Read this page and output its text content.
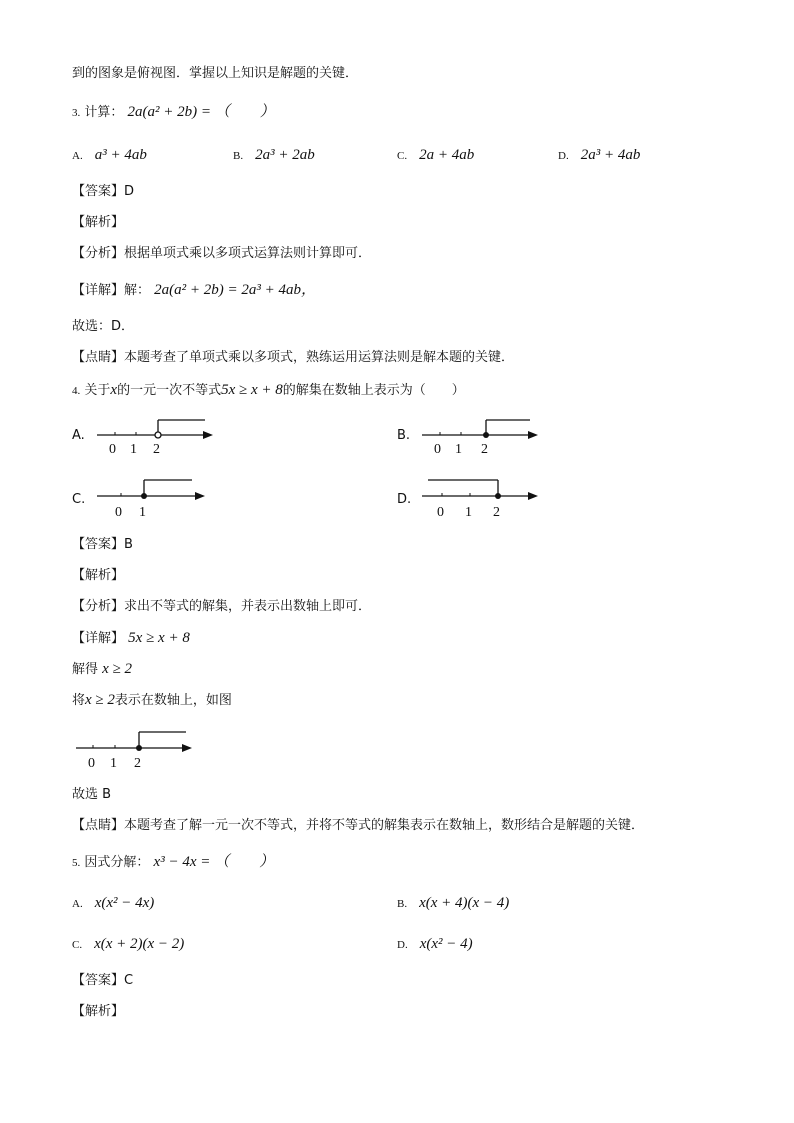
到的图象是俯视图．掌握以上知识是解题的关键．
3. 计算： 2a(a² + 2b) = （　　）
A. a³ + 4ab	B. 2a³ + 2ab	C. 2a + 4ab	D. 2a³ + 4ab
【答案】D
【解析】
【分析】根据单项式乘以多项式运算法则计算即可．
【详解】解： 2a(a² + 2b) = 2a³ + 4ab，
故选：D．
【点睛】本题考查了单项式乘以多项式，熟练运用运算法则是解本题的关键．
4. 关于x的一元一次不等式5x ≥ x + 8的解集在数轴上表示为（　　）
A.
0 1 2
B.
0 1 2
C.
0 1
D.
0 1 2
【答案】B
【解析】
【分析】求出不等式的解集，并表示出数轴上即可．
【详解】 5x ≥ x + 8
解得 x ≥ 2
将x ≥ 2表示在数轴上，如图
0 1 2
故选 B
【点睛】本题考查了解一元一次不等式，并将不等式的解集表示在数轴上，数形结合是解题的关键．
5. 因式分解： x³ − 4x = （　　）
A. x(x² − 4x)	B. x(x + 4)(x − 4)
C. x(x + 2)(x − 2)	D. x(x² − 4)
【答案】C
【解析】
